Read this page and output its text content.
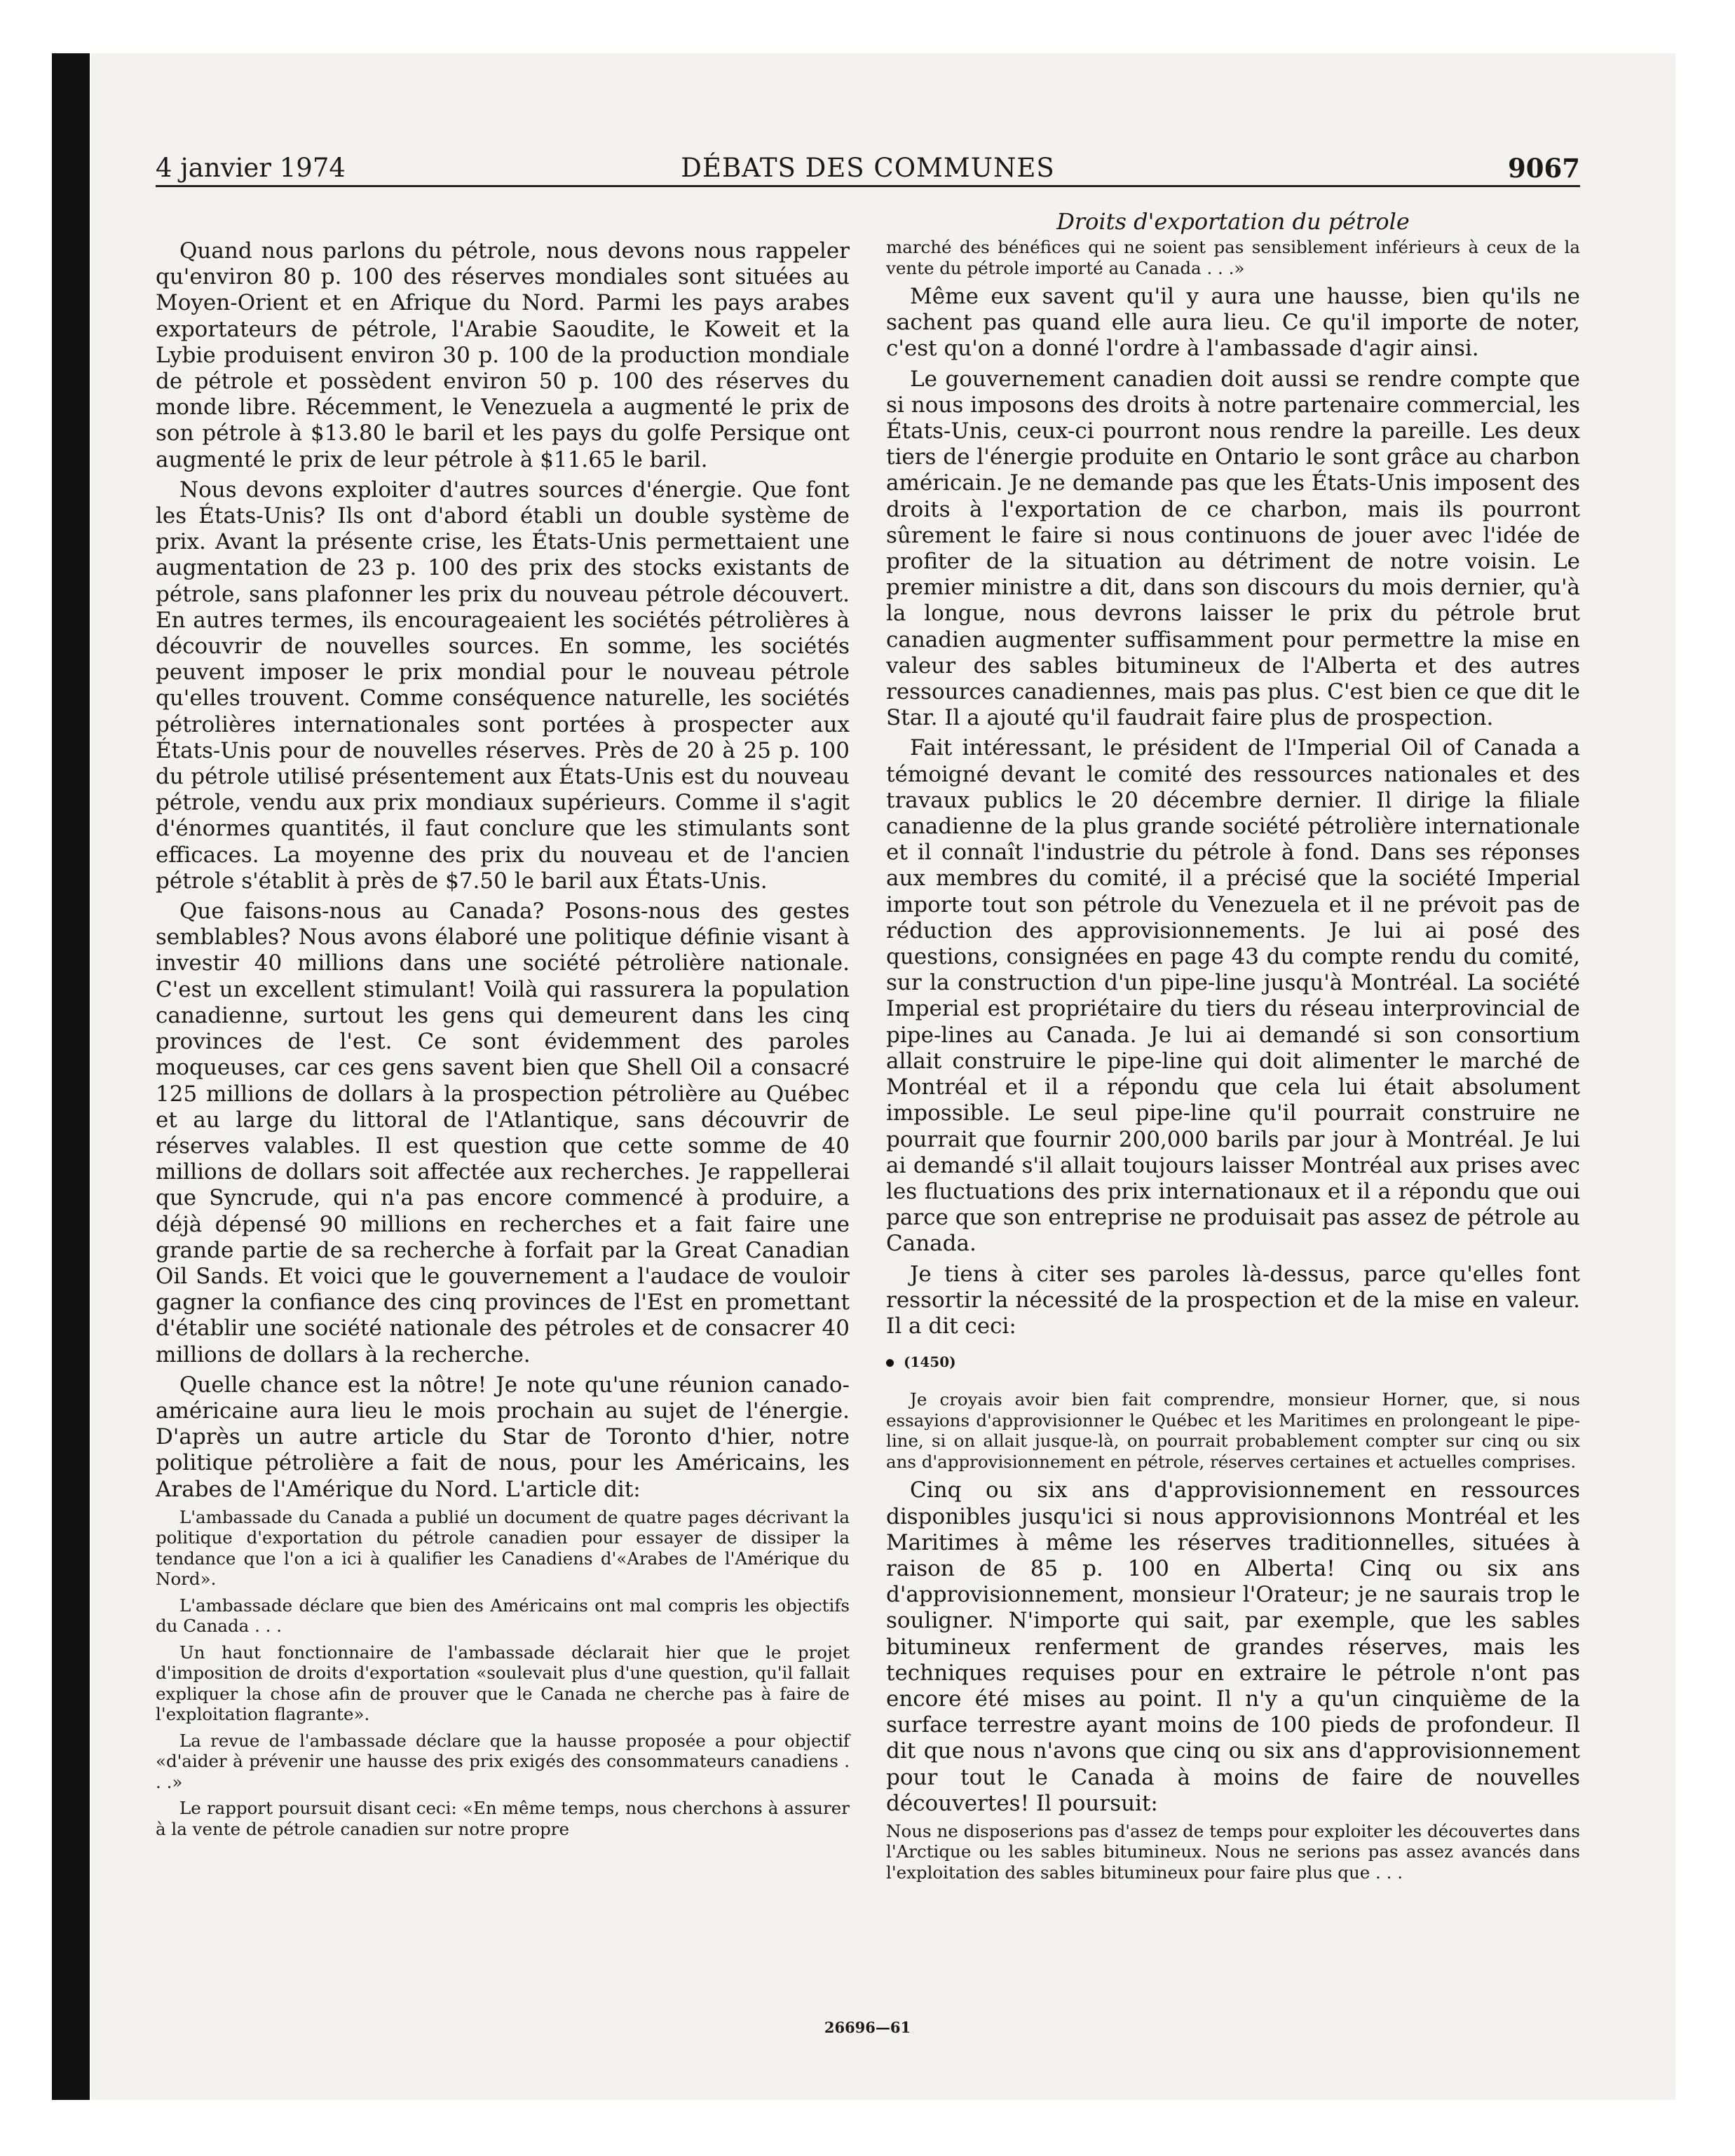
4 janvier 1974	DÉBATS DES COMMUNES	9067
Droits d'exportation du pétrole

Quand nous parlons du pétrole, nous devons nous rappeler qu'environ 80 p. 100 des réserves mondiales sont situées au Moyen-Orient et en Afrique du Nord. Parmi les pays arabes exportateurs de pétrole, l'Arabie Saoudite, le Koweit et la Lybie produisent environ 30 p. 100 de la production mondiale de pétrole et possèdent environ 50 p. 100 des réserves du monde libre. Récemment, le Venezuela a augmenté le prix de son pétrole à $13.80 le baril et les pays du golfe Persique ont augmenté le prix de leur pétrole à $11.65 le baril.

Nous devons exploiter d'autres sources d'énergie. Que font les États-Unis? Ils ont d'abord établi un double système de prix. Avant la présente crise, les États-Unis permettaient une augmentation de 23 p. 100 des prix des stocks existants de pétrole, sans plafonner les prix du nouveau pétrole découvert. En autres termes, ils encourageaient les sociétés pétrolières à découvrir de nouvelles sources. En somme, les sociétés peuvent imposer le prix mondial pour le nouveau pétrole qu'elles trouvent. Comme conséquence naturelle, les sociétés pétrolières internationales sont portées à prospecter aux États-Unis pour de nouvelles réserves. Près de 20 à 25 p. 100 du pétrole utilisé présentement aux États-Unis est du nouveau pétrole, vendu aux prix mondiaux supérieurs. Comme il s'agit d'énormes quantités, il faut conclure que les stimulants sont efficaces. La moyenne des prix du nouveau et de l'ancien pétrole s'établit à près de $7.50 le baril aux États-Unis.

Que faisons-nous au Canada? Posons-nous des gestes semblables? Nous avons élaboré une politique définie visant à investir 40 millions dans une société pétrolière nationale. C'est un excellent stimulant! Voilà qui rassurera la population canadienne, surtout les gens qui demeurent dans les cinq provinces de l'est. Ce sont évidemment des paroles moqueuses, car ces gens savent bien que Shell Oil a consacré 125 millions de dollars à la prospection pétrolière au Québec et au large du littoral de l'Atlantique, sans découvrir de réserves valables. Il est question que cette somme de 40 millions de dollars soit affectée aux recherches. Je rappellerai que Syncrude, qui n'a pas encore commencé à produire, a déjà dépensé 90 millions en recherches et a fait faire une grande partie de sa recherche à forfait par la Great Canadian Oil Sands. Et voici que le gouvernement a l'audace de vouloir gagner la confiance des cinq provinces de l'Est en promettant d'établir une société nationale des pétroles et de consacrer 40 millions de dollars à la recherche.

Quelle chance est la nôtre! Je note qu'une réunion canado-américaine aura lieu le mois prochain au sujet de l'énergie. D'après un autre article du Star de Toronto d'hier, notre politique pétrolière a fait de nous, pour les Américains, les Arabes de l'Amérique du Nord. L'article dit:

L'ambassade du Canada a publié un document de quatre pages décrivant la politique d'exportation du pétrole canadien pour essayer de dissiper la tendance que l'on a ici à qualifier les Canadiens d'«Arabes de l'Amérique du Nord».

L'ambassade déclare que bien des Américains ont mal compris les objectifs du Canada . . .

Un haut fonctionnaire de l'ambassade déclarait hier que le projet d'imposition de droits d'exportation «soulevait plus d'une question, qu'il fallait expliquer la chose afin de prouver que le Canada ne cherche pas à faire de l'exploitation flagrante».

La revue de l'ambassade déclare que la hausse proposée a pour objectif «d'aider à prévenir une hausse des prix exigés des consommateurs canadiens . . .»

Le rapport poursuit disant ceci: «En même temps, nous cherchons à assurer à la vente de pétrole canadien sur notre propre

marché des bénéfices qui ne soient pas sensiblement inférieurs à ceux de la vente du pétrole importé au Canada . . .»

Même eux savent qu'il y aura une hausse, bien qu'ils ne sachent pas quand elle aura lieu. Ce qu'il importe de noter, c'est qu'on a donné l'ordre à l'ambassade d'agir ainsi.

Le gouvernement canadien doit aussi se rendre compte que si nous imposons des droits à notre partenaire commercial, les États-Unis, ceux-ci pourront nous rendre la pareille. Les deux tiers de l'énergie produite en Ontario le sont grâce au charbon américain. Je ne demande pas que les États-Unis imposent des droits à l'exportation de ce charbon, mais ils pourront sûrement le faire si nous continuons de jouer avec l'idée de profiter de la situation au détriment de notre voisin. Le premier ministre a dit, dans son discours du mois dernier, qu'à la longue, nous devrons laisser le prix du pétrole brut canadien augmenter suffisamment pour permettre la mise en valeur des sables bitumineux de l'Alberta et des autres ressources canadiennes, mais pas plus. C'est bien ce que dit le Star. Il a ajouté qu'il faudrait faire plus de prospection.

Fait intéressant, le président de l'Imperial Oil of Canada a témoigné devant le comité des ressources nationales et des travaux publics le 20 décembre dernier. Il dirige la filiale canadienne de la plus grande société pétrolière internationale et il connaît l'industrie du pétrole à fond. Dans ses réponses aux membres du comité, il a précisé que la société Imperial importe tout son pétrole du Venezuela et il ne prévoit pas de réduction des approvisionnements. Je lui ai posé des questions, consignées en page 43 du compte rendu du comité, sur la construction d'un pipe-line jusqu'à Montréal. La société Imperial est propriétaire du tiers du réseau interprovincial de pipe-lines au Canada. Je lui ai demandé si son consortium allait construire le pipe-line qui doit alimenter le marché de Montréal et il a répondu que cela lui était absolument impossible. Le seul pipe-line qu'il pourrait construire ne pourrait que fournir 200,000 barils par jour à Montréal. Je lui ai demandé s'il allait toujours laisser Montréal aux prises avec les fluctuations des prix internationaux et il a répondu que oui parce que son entreprise ne produisait pas assez de pétrole au Canada.

Je tiens à citer ses paroles là-dessus, parce qu'elles font ressortir la nécessité de la prospection et de la mise en valeur. Il a dit ceci:

(1450)

Je croyais avoir bien fait comprendre, monsieur Horner, que, si nous essayions d'approvisionner le Québec et les Maritimes en prolongeant le pipe-line, si on allait jusque-là, on pourrait probablement compter sur cinq ou six ans d'approvisionnement en pétrole, réserves certaines et actuelles comprises.

Cinq ou six ans d'approvisionnement en ressources disponibles jusqu'ici si nous approvisionnons Montréal et les Maritimes à même les réserves traditionnelles, situées à raison de 85 p. 100 en Alberta! Cinq ou six ans d'approvisionnement, monsieur l'Orateur; je ne saurais trop le souligner. N'importe qui sait, par exemple, que les sables bitumineux renferment de grandes réserves, mais les techniques requises pour en extraire le pétrole n'ont pas encore été mises au point. Il n'y a qu'un cinquième de la surface terrestre ayant moins de 100 pieds de profondeur. Il dit que nous n'avons que cinq ou six ans d'approvisionnement pour tout le Canada à moins de faire de nouvelles découvertes! Il poursuit:

Nous ne disposerions pas d'assez de temps pour exploiter les découvertes dans l'Arctique ou les sables bitumineux. Nous ne serions pas assez avancés dans l'exploitation des sables bitumineux pour faire plus que . . .

26696—61
